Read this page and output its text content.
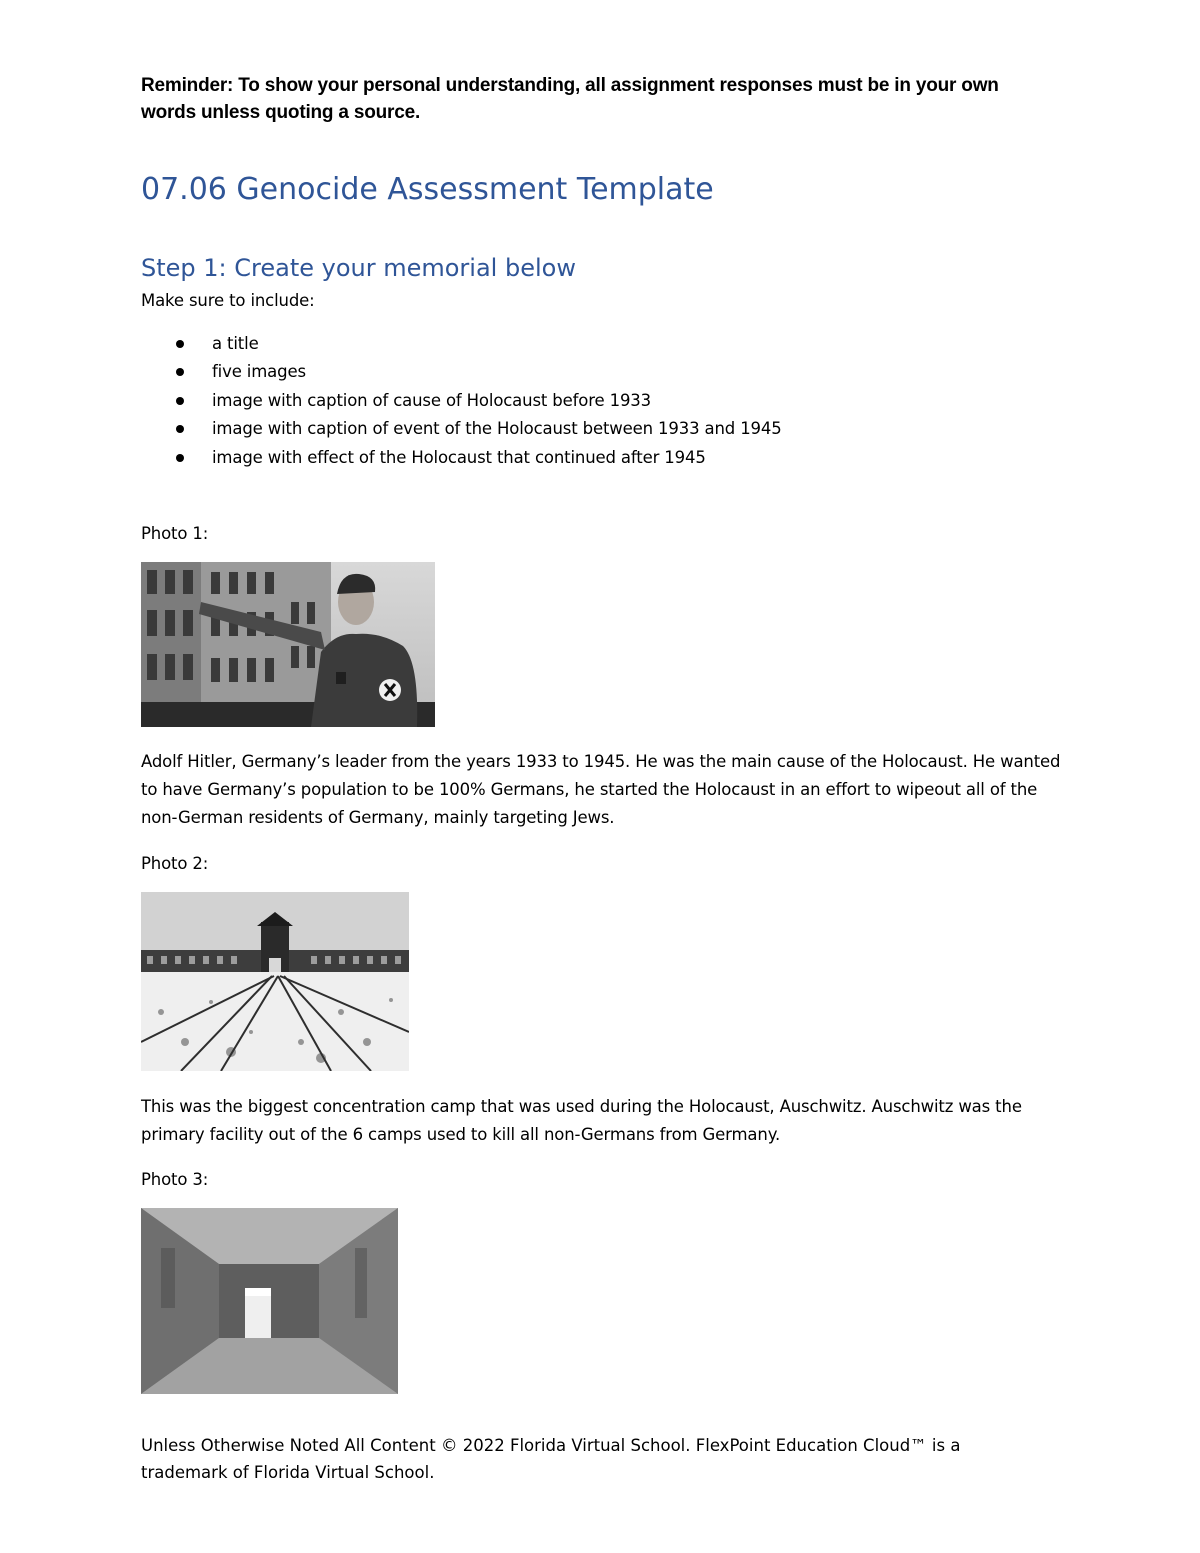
Reminder: To show your personal understanding, all assignment responses must be in your own words unless quoting a source.
07.06 Genocide Assessment Template
Step 1: Create your memorial below
Make sure to include:
a title
five images
image with caption of cause of Holocaust before 1933
image with caption of event of the Holocaust between 1933 and 1945
image with effect of the Holocaust that continued after 1945
Photo 1:
Adolf Hitler, Germany’s leader from the years 1933 to 1945. He was the main cause of the Holocaust. He wanted to have Germany’s population to be 100% Germans, he started the Holocaust in an effort to wipeout all of the non-German residents of Germany, mainly targeting Jews.
Photo 2:
This was the biggest concentration camp that was used during the Holocaust, Auschwitz. Auschwitz was the primary facility out of the 6 camps used to kill all non-Germans from Germany.
Photo 3:
Unless Otherwise Noted All Content © 2022 Florida Virtual School. FlexPoint Education Cloud™ is a trademark of Florida Virtual School.
